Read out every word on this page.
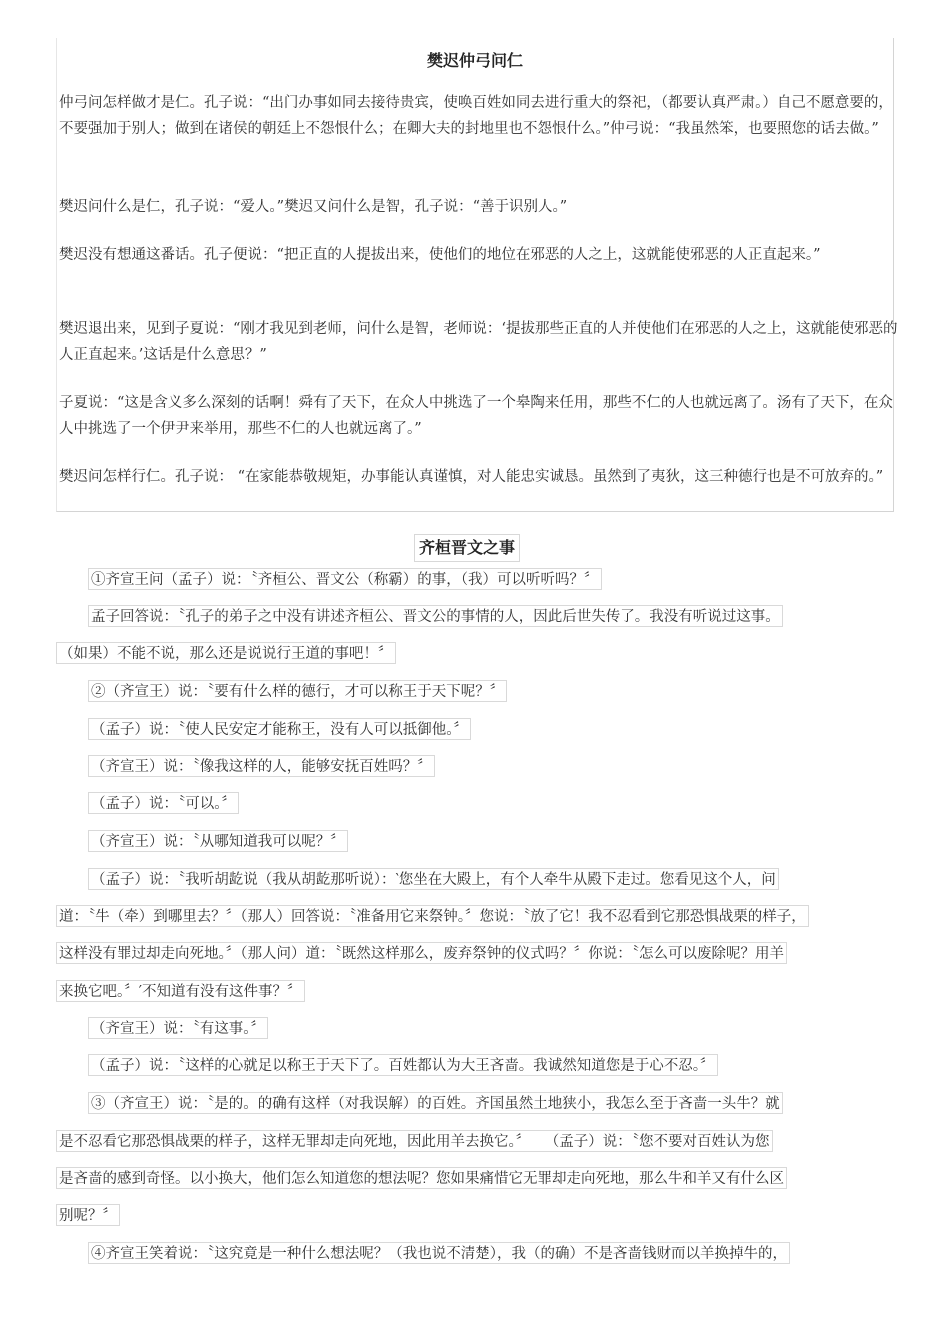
樊迟仲弓问仁

仲弓问怎样做才是仁。孔子说：“出门办事如同去接待贵宾，使唤百姓如同去进行重大的祭祀，（都要认真严肃。）自己不愿意要的，不要强加于别人；做到在诸侯的朝廷上不怨恨什么；在卿大夫的封地里也不怨恨什么。”仲弓说：“我虽然笨，也要照您的话去做。”

樊迟问什么是仁，孔子说：“爱人。”樊迟又问什么是智，孔子说：“善于识别人。”

樊迟没有想通这番话。孔子便说：“把正直的人提拔出来，使他们的地位在邪恶的人之上，这就能使邪恶的人正直起来。”

樊迟退出来，见到子夏说：“刚才我见到老师，问什么是智，老师说：‘提拔那些正直的人并使他们在邪恶的人之上，这就能使邪恶的人正直起来。’这话是什么意思？”

子夏说：“这是含义多么深刻的话啊！舜有了天下，在众人中挑选了一个皋陶来任用，那些不仁的人也就远离了。汤有了天下，在众人中挑选了一个伊尹来举用，那些不仁的人也就远离了。”

樊迟问怎样行仁。孔子说： “在家能恭敬规矩，办事能认真谨慎，对人能忠实诚恳。虽然到了夷狄，这三种德行也是不可放弃的。”

齐桓晋文之事
①齐宣王问（孟子）说：〝齐桓公、晋文公（称霸）的事，（我）可以听听吗？〞
孟子回答说：〝孔子的弟子之中没有讲述齐桓公、晋文公的事情的人，因此后世失传了。我没有听说过这事。
（如果）不能不说，那么还是说说行王道的事吧！〞
②（齐宣王）说：〝要有什么样的德行，才可以称王于天下呢？〞
（孟子）说：〝使人民安定才能称王，没有人可以抵御他。〞
（齐宣王）说：〝像我这样的人，能够安抚百姓吗？〞
（孟子）说：〝可以。〞
（齐宣王）说：〝从哪知道我可以呢？〞
（孟子）说：〝我听胡龁说（我从胡龁那听说）：‵您坐在大殿上，有个人牵牛从殿下走过。您看见这个人，问
道：〝牛（牵）到哪里去？〞（那人）回答说：〝准备用它来祭钟。〞您说：〝放了它！我不忍看到它那恐惧战栗的样子，
这样没有罪过却走向死地。〞（那人问）道：〝既然这样那么，废弃祭钟的仪式吗？〞你说：〝怎么可以废除呢？用羊
来换它吧。〞′不知道有没有这件事？〞
（齐宣王）说：〝有这事。〞
（孟子）说：〝这样的心就足以称王于天下了。百姓都认为大王吝啬。我诚然知道您是于心不忍。〞
③（齐宣王）说：〝是的。的确有这样（对我误解）的百姓。齐国虽然土地狭小，我怎么至于吝啬一头牛？就
是不忍看它那恐惧战栗的样子，这样无罪却走向死地，因此用羊去换它。〞　　（孟子）说：〝您不要对百姓认为您
是吝啬的感到奇怪。以小换大，他们怎么知道您的想法呢？您如果痛惜它无罪却走向死地，那么牛和羊又有什么区
别呢？〞
④齐宣王笑着说：〝这究竟是一种什么想法呢？（我也说不清楚），我（的确）不是吝啬钱财而以羊换掉牛的，
